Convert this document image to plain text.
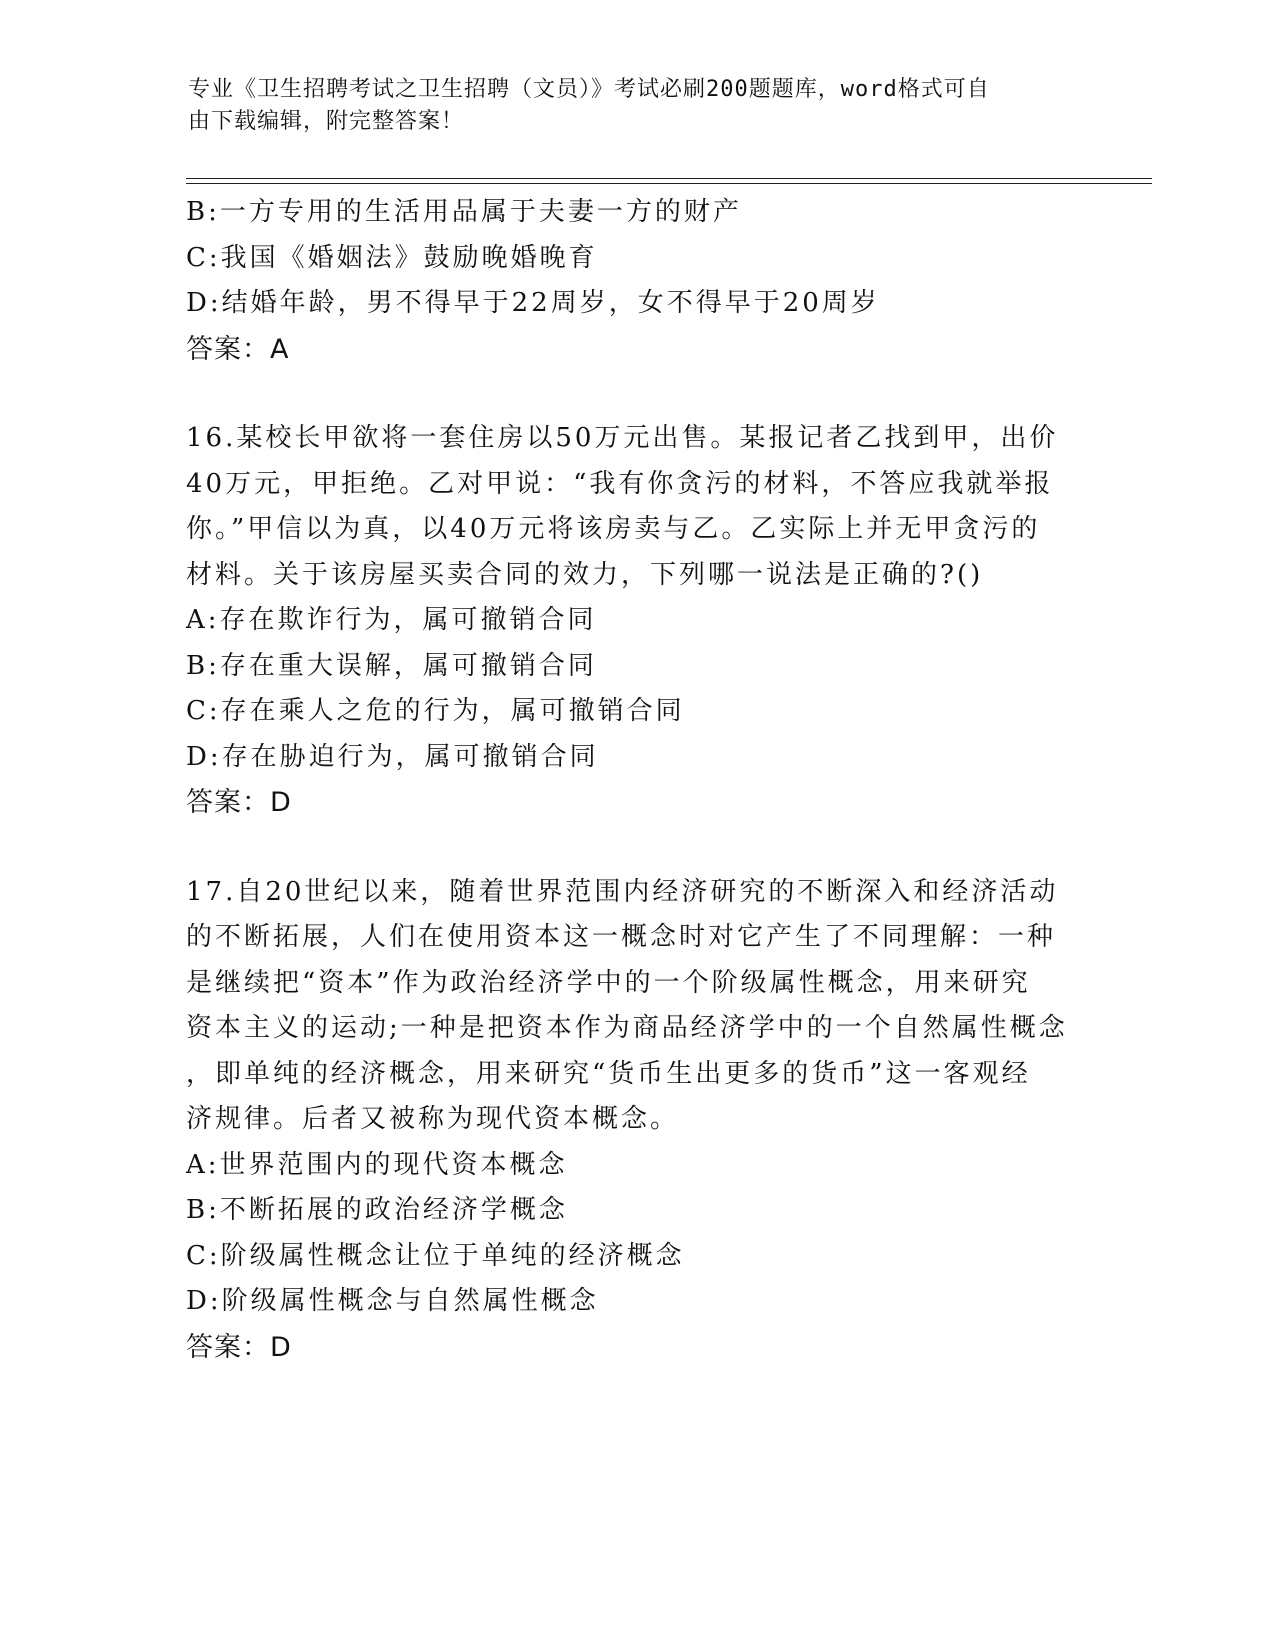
专业《卫生招聘考试之卫生招聘（文员）》考试必刷200题题库，word格式可自
由下载编辑，附完整答案！
B:一方专用的生活用品属于夫妻一方的财产
C:我国《婚姻法》鼓励晚婚晚育
D:结婚年龄，男不得早于22周岁，女不得早于20周岁
答案：A
16.某校长甲欲将一套住房以50万元出售。某报记者乙找到甲，出价
40万元，甲拒绝。乙对甲说：“我有你贪污的材料，不答应我就举报
你。”甲信以为真，以40万元将该房卖与乙。乙实际上并无甲贪污的
材料。关于该房屋买卖合同的效力，下列哪一说法是正确的?()
A:存在欺诈行为，属可撤销合同
B:存在重大误解，属可撤销合同
C:存在乘人之危的行为，属可撤销合同
D:存在胁迫行为，属可撤销合同
答案：D
17.自20世纪以来，随着世界范围内经济研究的不断深入和经济活动
的不断拓展，人们在使用资本这一概念时对它产生了不同理解：一种
是继续把“资本”作为政治经济学中的一个阶级属性概念，用来研究
资本主义的运动;一种是把资本作为商品经济学中的一个自然属性概念
，即单纯的经济概念，用来研究“货币生出更多的货币”这一客观经
济规律。后者又被称为现代资本概念。
A:世界范围内的现代资本概念
B:不断拓展的政治经济学概念
C:阶级属性概念让位于单纯的经济概念
D:阶级属性概念与自然属性概念
答案：D
